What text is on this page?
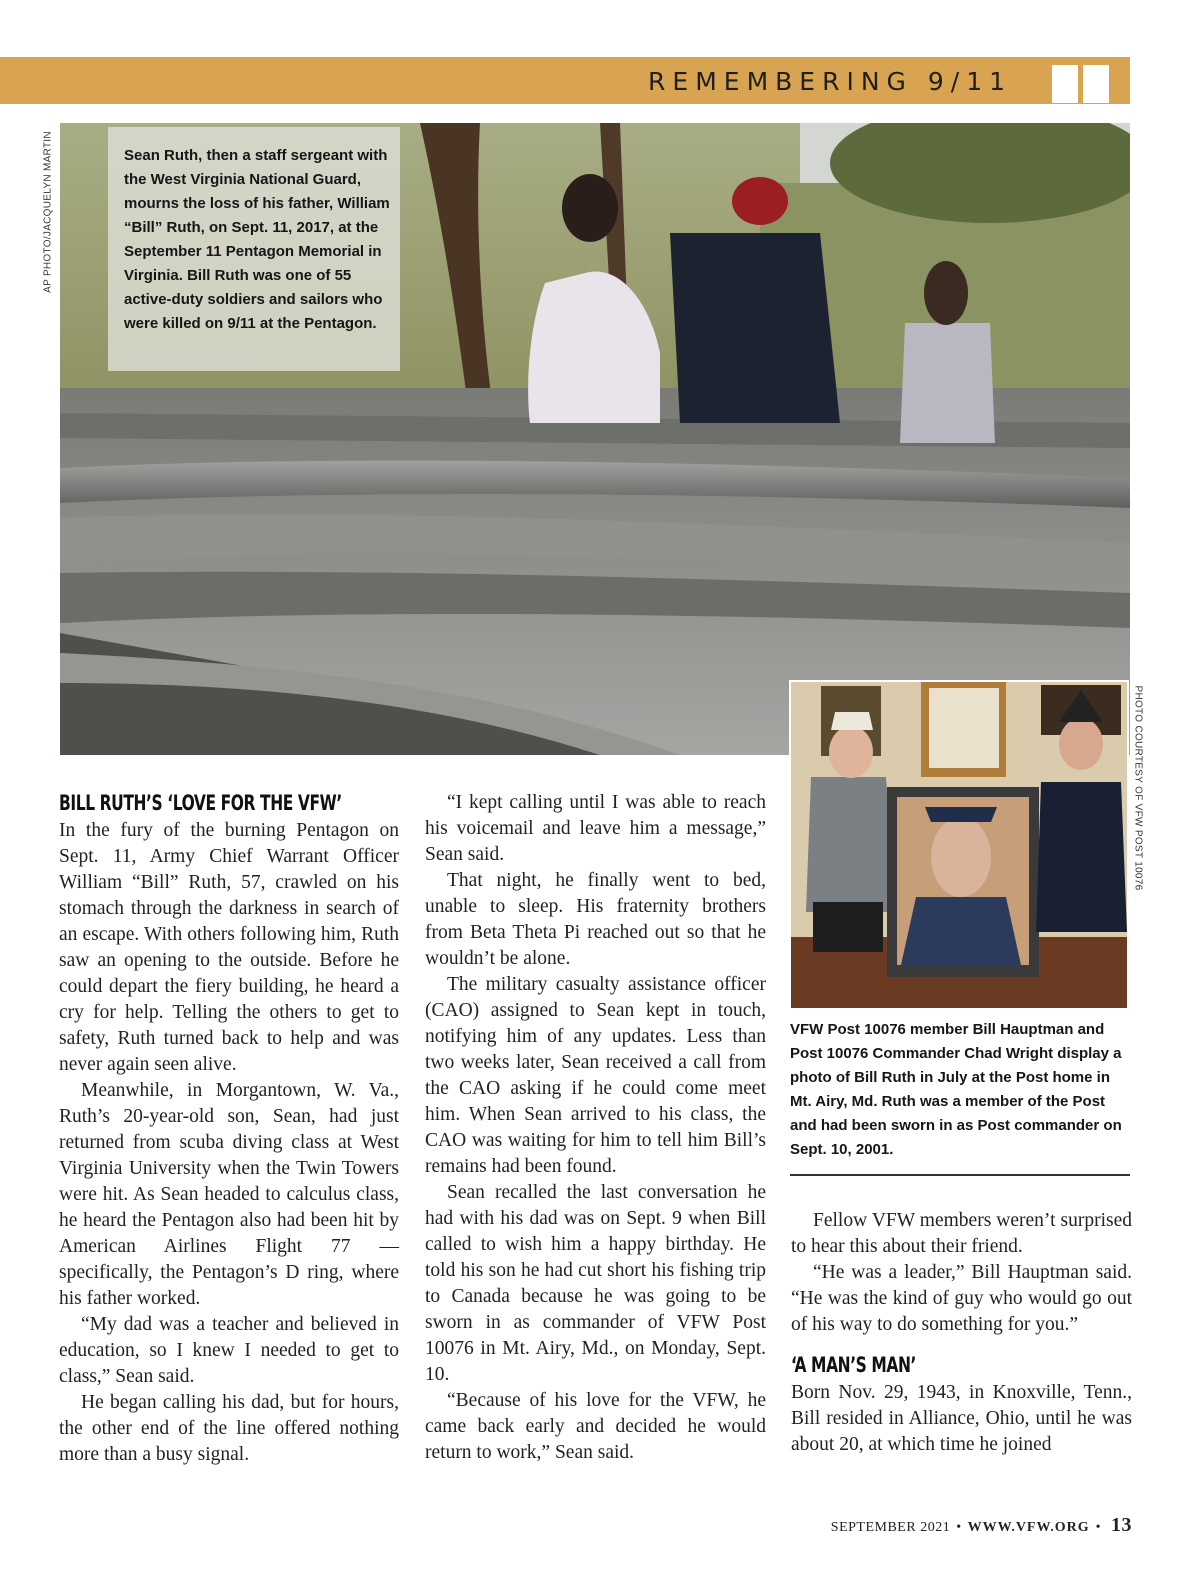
REMEMBERING 9/11
AP PHOTO/JACQUELYN MARTIN	Sean Ruth, then a staff sergeant with the West Virginia National Guard, mourns the loss of his father, William “Bill” Ruth, on Sept. 11, 2017, at the September 11 Pentagon Memorial in Virginia. Bill Ruth was one of 55 active-duty soldiers and sailors who were killed on 9/11 at the Pentagon.

PHOTO COURTESY OF VFW POST 10076
VFW Post 10076 member Bill Hauptman and Post 10076 Commander Chad Wright display a photo of Bill Ruth in July at the Post home in Mt. Airy, Md. Ruth was a member of the Post and had been sworn in as Post commander on Sept. 10, 2001.
BILL RUTH’S ‘LOVE FOR THE VFW’

In the fury of the burning Pentagon on Sept. 11, Army Chief Warrant Officer William “Bill” Ruth, 57, crawled on his stomach through the darkness in search of an escape. With others following him, Ruth saw an opening to the outside. Before he could depart the fiery building, he heard a cry for help. Telling the others to get to safety, Ruth turned back to help and was never again seen alive.

Meanwhile, in Morgantown, W. Va., Ruth’s 20-year-old son, Sean, had just returned from scuba diving class at West Virginia University when the Twin Towers were hit. As Sean headed to calculus class, he heard the Pentagon also had been hit by American Airlines Flight 77 — specifically, the Pentagon’s D ring, where his father worked.

“My dad was a teacher and believed in education, so I knew I needed to get to class,” Sean said.

He began calling his dad, but for hours, the other end of the line offered nothing more than a busy signal.

“I kept calling until I was able to reach his voicemail and leave him a message,” Sean said.

That night, he finally went to bed, unable to sleep. His fraternity brothers from Beta Theta Pi reached out so that he wouldn’t be alone.

The military casualty assistance officer (CAO) assigned to Sean kept in touch, notifying him of any updates. Less than two weeks later, Sean received a call from the CAO asking if he could come meet him. When Sean arrived to his class, the CAO was waiting for him to tell him Bill’s remains had been found.

Sean recalled the last conversation he had with his dad was on Sept. 9 when Bill called to wish him a happy birthday. He told his son he had cut short his fishing trip to Canada because he was going to be sworn in as commander of VFW Post 10076 in Mt. Airy, Md., on Monday, Sept. 10.

“Because of his love for the VFW, he came back early and decided he would return to work,” Sean said.

Fellow VFW members weren’t surprised to hear this about their friend.

“He was a leader,” Bill Hauptman said. “He was the kind of guy who would go out of his way to do something for you.”

‘A MAN’S MAN’

Born Nov. 29, 1943, in Knoxville, Tenn., Bill resided in Alliance, Ohio, until he was about 20, at which time he joined

SEPTEMBER 2021 • WWW.VFW.ORG • 13
